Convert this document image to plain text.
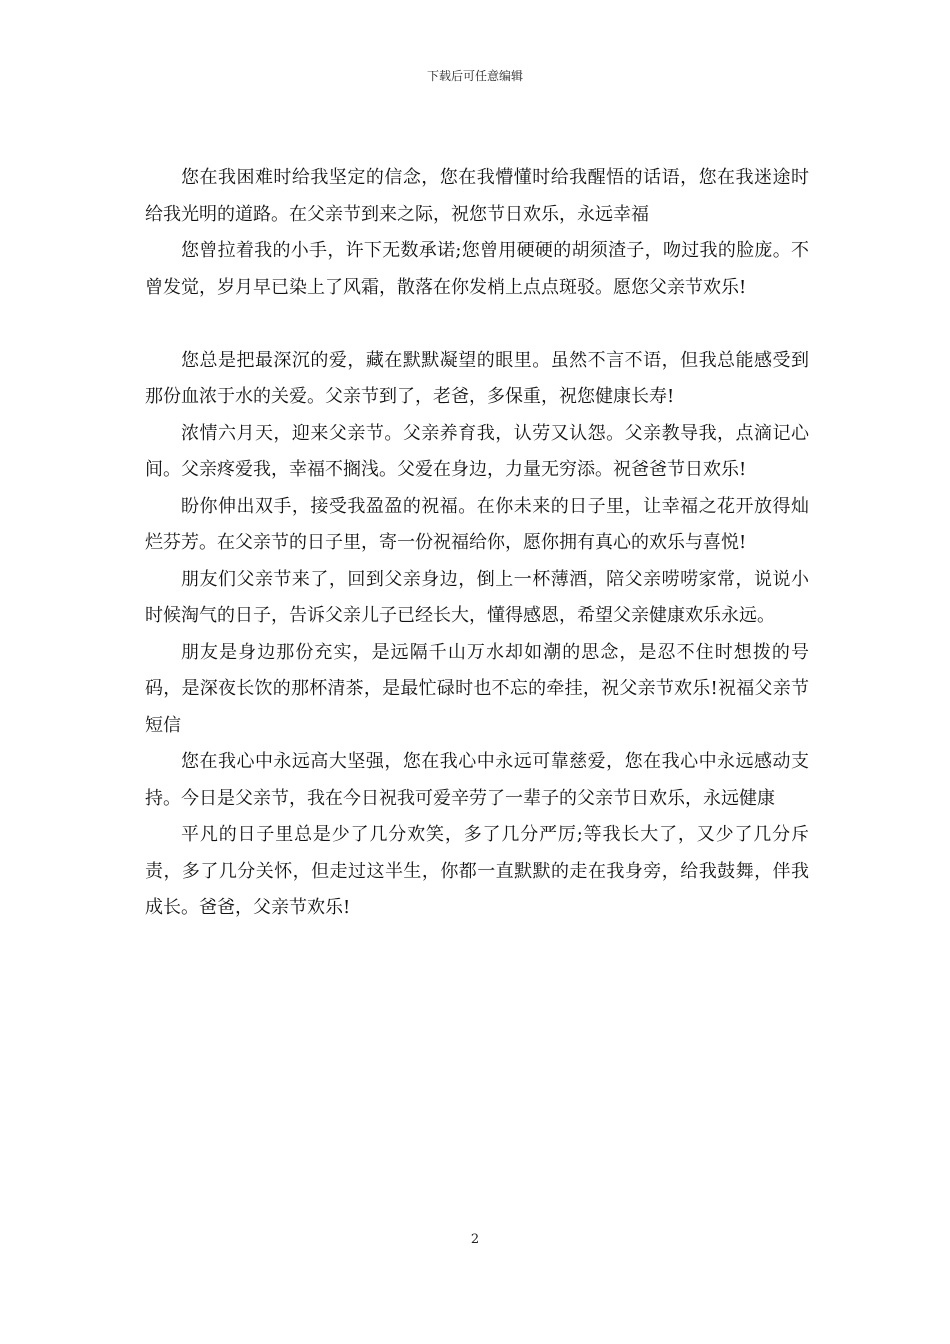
下载后可任意编辑

您在我困难时给我坚定的信念，您在我懵懂时给我醒悟的话语，您在我迷途时给我光明的道路。在父亲节到来之际，祝您节日欢乐，永远幸福

您曾拉着我的小手，许下无数承诺;您曾用硬硬的胡须渣子，吻过我的脸庞。不曾发觉，岁月早已染上了风霜，散落在你发梢上点点斑驳。愿您父亲节欢乐!

您总是把最深沉的爱，藏在默默凝望的眼里。虽然不言不语，但我总能感受到那份血浓于水的关爱。父亲节到了，老爸，多保重，祝您健康长寿!

浓情六月天，迎来父亲节。父亲养育我，认劳又认怨。父亲教导我，点滴记心间。父亲疼爱我，幸福不搁浅。父爱在身边，力量无穷添。祝爸爸节日欢乐!

盼你伸出双手，接受我盈盈的祝福。在你未来的日子里，让幸福之花开放得灿烂芬芳。在父亲节的日子里，寄一份祝福给你，愿你拥有真心的欢乐与喜悦!

朋友们父亲节来了，回到父亲身边，倒上一杯薄酒，陪父亲唠唠家常，说说小时候淘气的日子，告诉父亲儿子已经长大，懂得感恩，希望父亲健康欢乐永远。

朋友是身边那份充实，是远隔千山万水却如潮的思念，是忍不住时想拨的号码，是深夜长饮的那杯清茶，是最忙碌时也不忘的牵挂，祝父亲节欢乐!祝福父亲节短信

您在我心中永远高大坚强，您在我心中永远可靠慈爱，您在我心中永远感动支持。今日是父亲节，我在今日祝我可爱辛劳了一辈子的父亲节日欢乐，永远健康

平凡的日子里总是少了几分欢笑，多了几分严厉;等我长大了，又少了几分斥责，多了几分关怀，但走过这半生，你都一直默默的走在我身旁，给我鼓舞，伴我成长。爸爸，父亲节欢乐!

2
